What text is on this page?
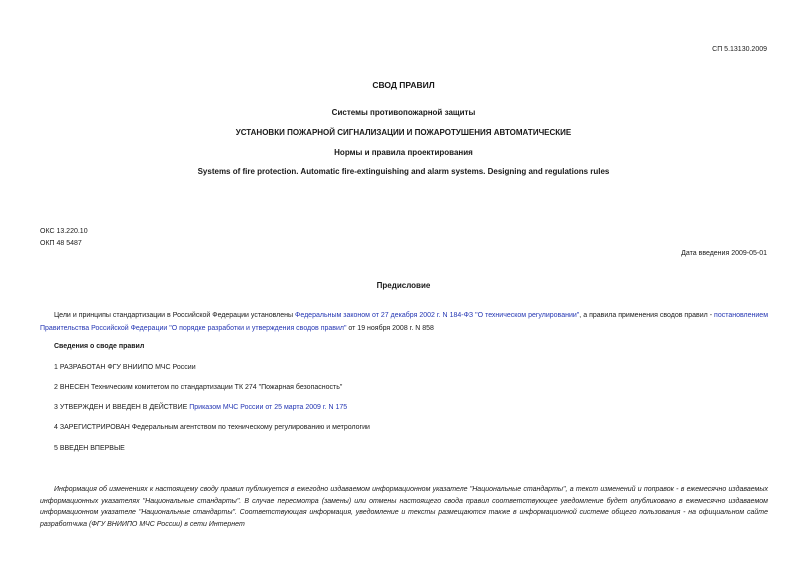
СП 5.13130.2009
СВОД ПРАВИЛ
Системы противопожарной защиты
УСТАНОВКИ ПОЖАРНОЙ СИГНАЛИЗАЦИИ И ПОЖАРОТУШЕНИЯ АВТОМАТИЧЕСКИЕ
Нормы и правила проектирования
Systems of fire protection. Automatic fire-extinguishing and alarm systems. Designing and regulations rules
ОКС 13.220.10
ОКП 48 5487
Дата введения 2009-05-01
Предисловие
Цели и принципы стандартизации в Российской Федерации установлены Федеральным законом от 27 декабря 2002 г. N 184-ФЗ "О техническом регулировании", а правила применения сводов правил - постановлением Правительства Российской Федерации "О порядке разработки и утверждения сводов правил" от 19 ноября 2008 г. N 858
Сведения о своде правил
1 РАЗРАБОТАН ФГУ ВНИИПО МЧС России
2 ВНЕСЕН Техническим комитетом по стандартизации ТК 274 "Пожарная безопасность"
3 УТВЕРЖДЕН И ВВЕДЕН В ДЕЙСТВИЕ Приказом МЧС России от 25 марта 2009 г. N 175
4 ЗАРЕГИСТРИРОВАН Федеральным агентством по техническому регулированию и метрологии
5 ВВЕДЕН ВПЕРВЫЕ
Информация об изменениях к настоящему своду правил публикуется в ежегодно издаваемом информационном указателе "Национальные стандарты", а текст изменений и поправок - в ежемесячно издаваемых информационных указателях "Национальные стандарты". В случае пересмотра (замены) или отмены настоящего свода правил соответствующее уведомление будет опубликовано в ежемесячно издаваемом информационном указателе "Национальные стандарты". Соответствующая информация, уведомление и тексты размещаются также в информационной системе общего пользования - на официальном сайте разработчика (ФГУ ВНИИПО МЧС России) в сети Интернет
